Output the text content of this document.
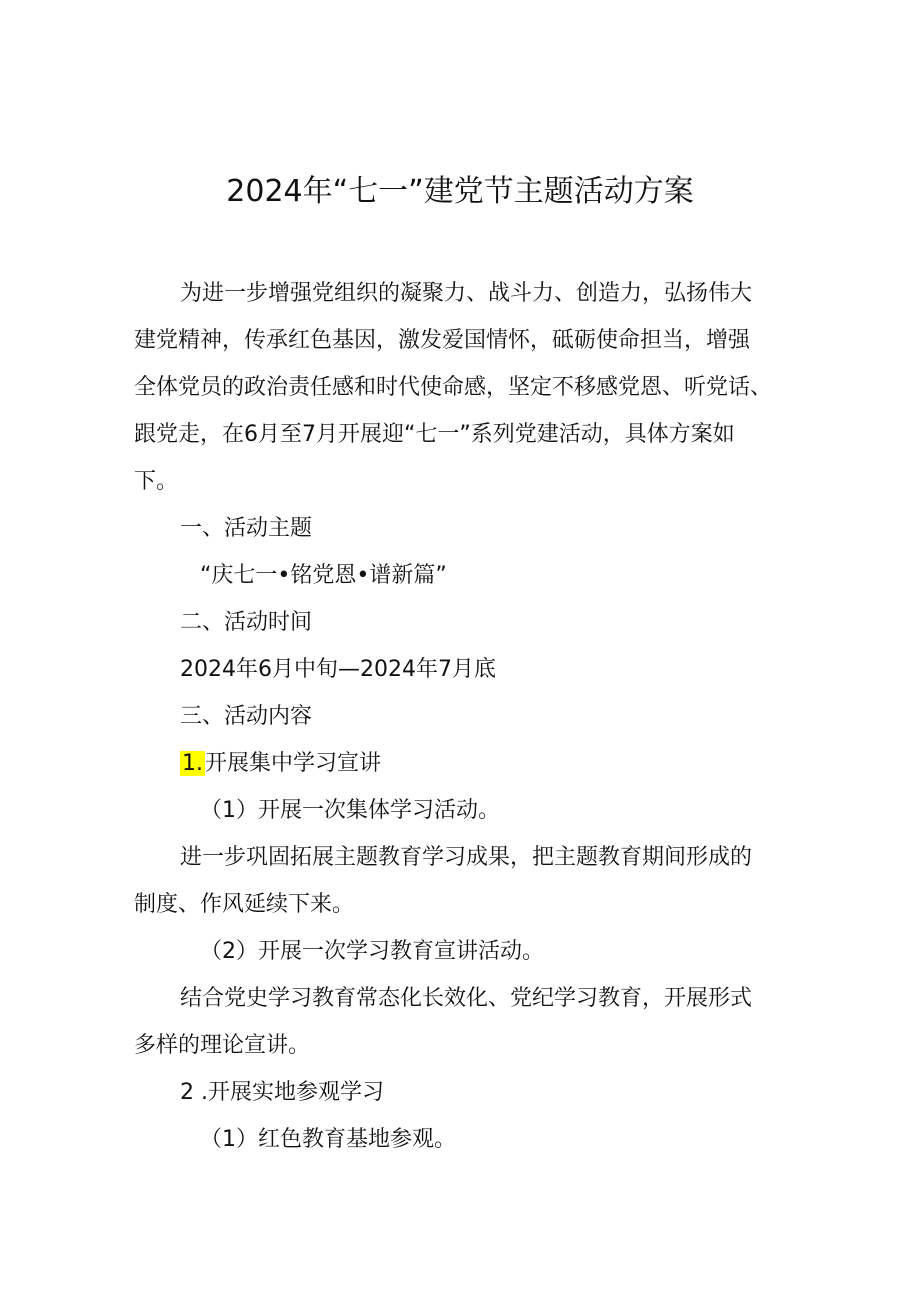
2024年“七一”建党节主题活动方案
为进一步增强党组织的凝聚力、战斗力、创造力，弘扬伟大
建党精神，传承红色基因，激发爱国情怀，砥砺使命担当，增强
全体党员的政治责任感和时代使命感，坚定不移感党恩、听党话、
跟党走，在6月至7月开展迎“七一”系列党建活动，具体方案如
下。
一、活动主题
“庆七一•铭党恩•谱新篇”
二、活动时间
2024年6月中旬—2024年7月底
三、活动内容
1.开展集中学习宣讲
（1）开展一次集体学习活动。
进一步巩固拓展主题教育学习成果，把主题教育期间形成的
制度、作风延续下来。
（2）开展一次学习教育宣讲活动。
结合党史学习教育常态化长效化、党纪学习教育，开展形式
多样的理论宣讲。
2 .开展实地参观学习
（1）红色教育基地参观。
